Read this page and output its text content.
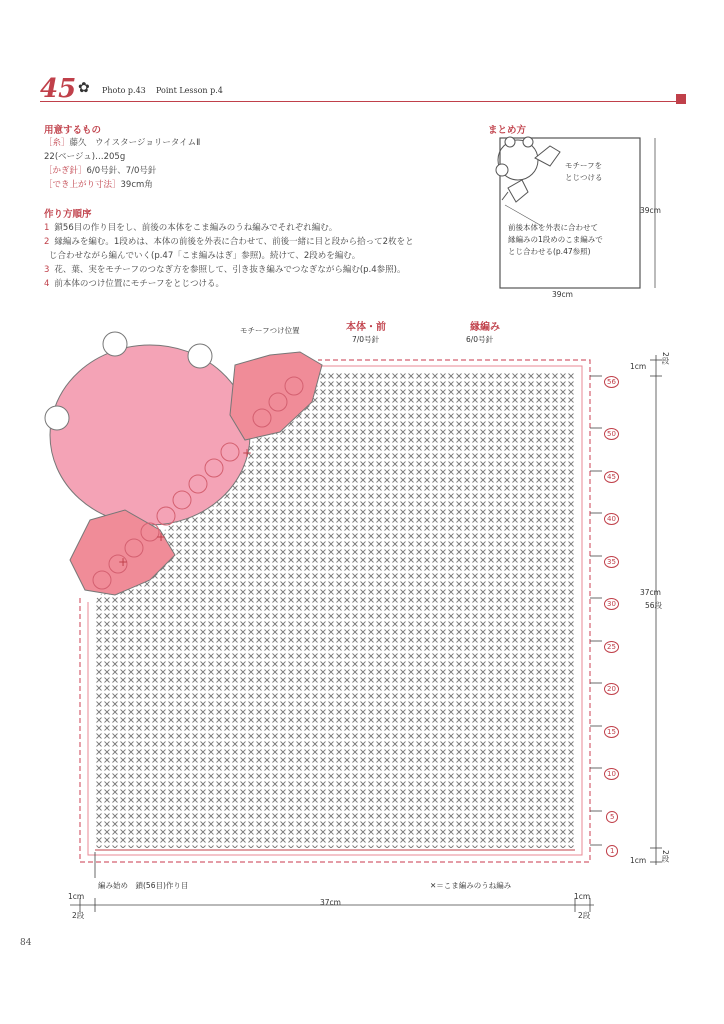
45 ✿ Photo p.43 Point Lesson p.4
用意するもの
［糸］藤久　ウイスタージョリータイムⅡ
22(ベージュ)…205g
［かぎ針］6/0号針、7/0号針
［でき上がり寸法］39cm角
作り方順序
1 鎖56目の作り目をし、前後の本体をこま編みのうね編みでそれぞれ編む。
2 縁編みを編む。1段めは、本体の前後を外表に合わせて、前後一緒に目と段から拾って2枚をと
じ合わせながら編んでいく(p.47「こま編みはぎ」参照)。続けて、2段めを編む。
3 花、葉、実をモチーフのつなぎ方を参照して、引き抜き編みでつなぎながら編む(p.4参照)。
4 前本体のつけ位置にモチーフをとじつける。
まとめ方
モチーフを
とじつける
前後本体を外表に合わせて
縁編みの1段めのこま編みで
とじ合わせる(p.47参照)
39cm
39cm
モチーフつけ位置	本体・前
7/0号針
縁編み
6/0号針
+
+
+
56
50
45
40
35
30
25
20
15
10
5
1
1cm
2段
37cm
56段
1cm 2段
編み始め　鎖(56目)作り目	✕＝こま編みのうね編み
37cm
1cm
2段
1cm
2段
84
